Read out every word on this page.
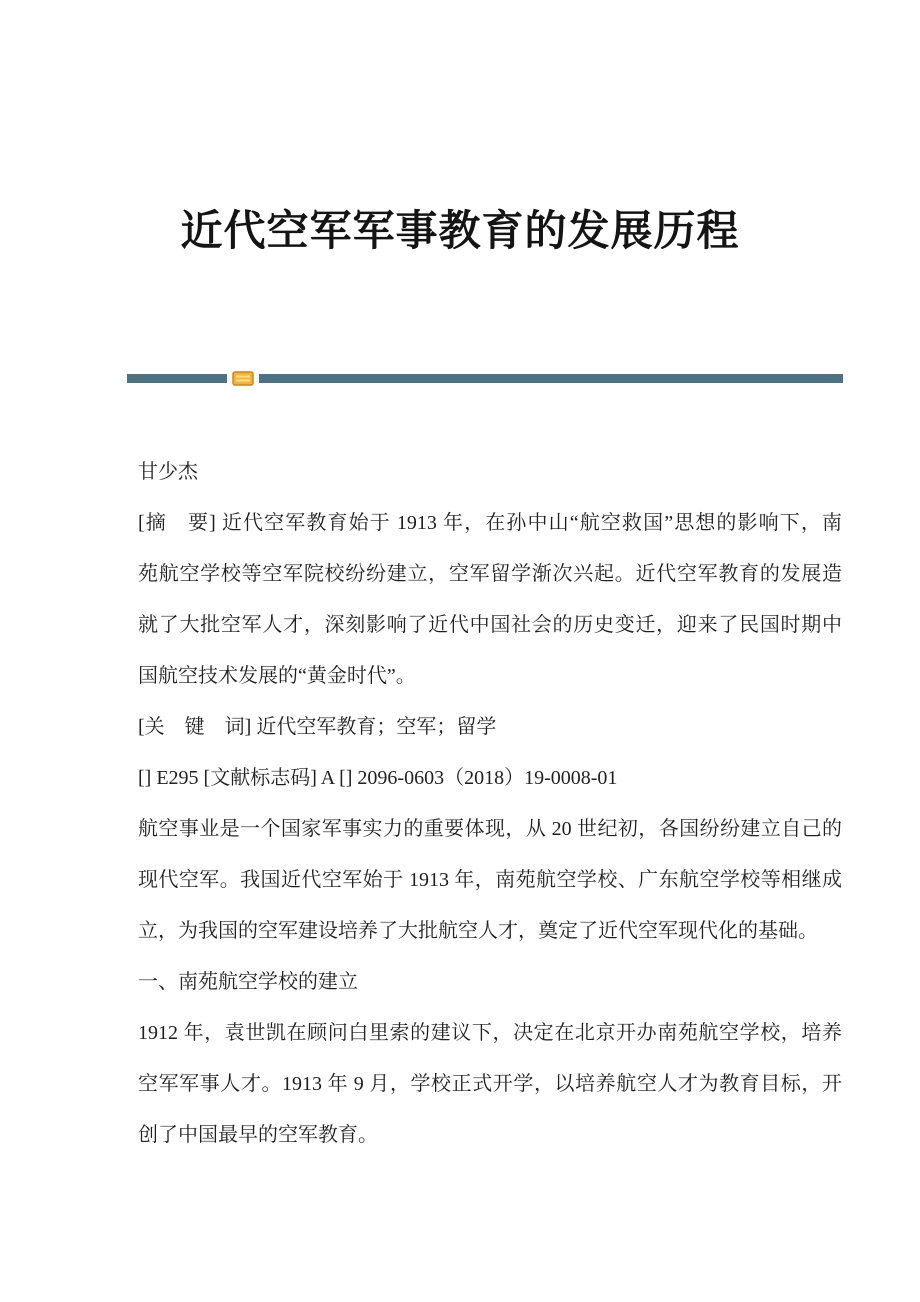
近代空军军事教育的发展历程
甘少杰
[摘　要] 近代空军教育始于 1913 年，在孙中山“航空救国”思想的影响下，南
苑航空学校等空军院校纷纷建立，空军留学渐次兴起。近代空军教育的发展造
就了大批空军人才，深刻影响了近代中国社会的历史变迁，迎来了民国时期中
国航空技术发展的“黄金时代”。
[关　键　词] 近代空军教育；空军；留学
[] E295 [文献标志码] A [] 2096-0603（2018）19-0008-01
航空事业是一个国家军事实力的重要体现，从 20 世纪初，各国纷纷建立自己的
现代空军。我国近代空军始于 1913 年，南苑航空学校、广东航空学校等相继成
立，为我国的空军建设培养了大批航空人才，奠定了近代空军现代化的基础。
一、南苑航空学校的建立
1912 年，袁世凯在顾问白里索的建议下，决定在北京开办南苑航空学校，培养
空军军事人才。1913 年 9 月，学校正式开学，以培养航空人才为教育目标，开
创了中国最早的空军教育。
